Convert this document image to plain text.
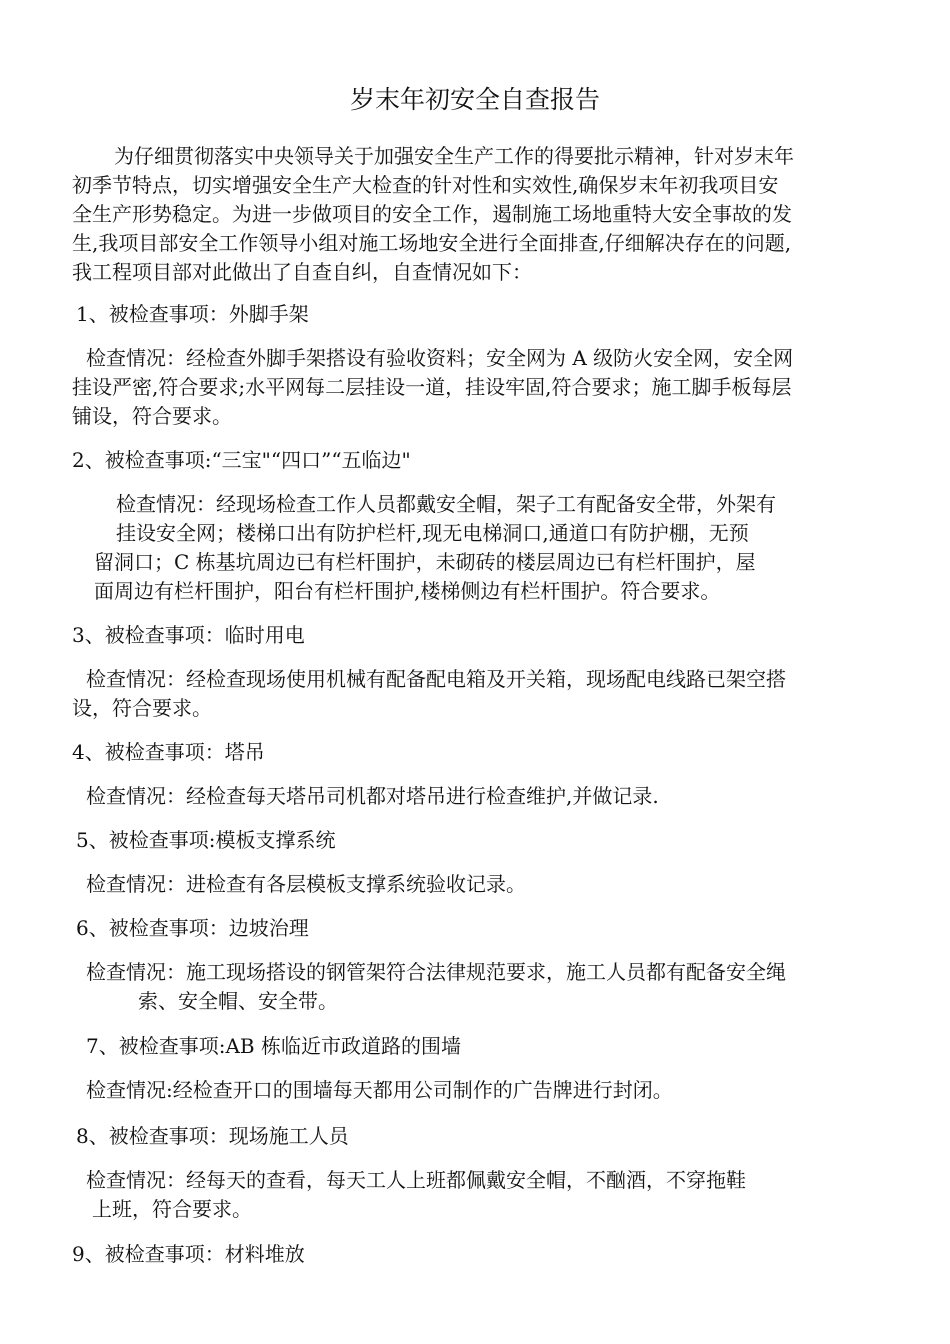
岁末年初安全自查报告
为仔细贯彻落实中央领导关于加强安全生产工作的得要批示精神，针对岁末年
初季节特点，切实增强安全生产大检查的针对性和实效性,确保岁末年初我项目安
全生产形势稳定。为进一步做项目的安全工作，遏制施工场地重特大安全事故的发
生,我项目部安全工作领导小组对施工场地安全进行全面排查,仔细解决存在的问题,
我工程项目部对此做出了自查自纠，自查情况如下：
1、被检查事项：外脚手架
检查情况：经检查外脚手架搭设有验收资料；安全网为 A 级防火安全网，安全网
挂设严密,符合要求;水平网每二层挂设一道，挂设牢固,符合要求；施工脚手板每层
铺设，符合要求。
2、被检查事项:“三宝"“四口”“五临边"
检查情况：经现场检查工作人员都戴安全帽，架子工有配备安全带，外架有
挂设安全网；楼梯口出有防护栏杆,现无电梯洞口,通道口有防护棚，无预
留洞口；C 栋基坑周边已有栏杆围护，未砌砖的楼层周边已有栏杆围护，屋
面周边有栏杆围护，阳台有栏杆围护,楼梯侧边有栏杆围护。符合要求。
3、被检查事项：临时用电
检查情况：经检查现场使用机械有配备配电箱及开关箱，现场配电线路已架空搭
设，符合要求。
4、被检查事项：塔吊
检查情况：经检查每天塔吊司机都对塔吊进行检查维护,并做记录.
5、被检查事项:模板支撑系统
检查情况：进检查有各层模板支撑系统验收记录。
6、被检查事项：边坡治理
检查情况：施工现场搭设的钢管架符合法律规范要求，施工人员都有配备安全绳
索、安全帽、安全带。
7、被检查事项:AB 栋临近市政道路的围墙
检查情况:经检查开口的围墙每天都用公司制作的广告牌进行封闭。
8、被检查事项：现场施工人员
检查情况：经每天的查看，每天工人上班都佩戴安全帽，不酗酒，不穿拖鞋
上班，符合要求。
9、被检查事项：材料堆放
